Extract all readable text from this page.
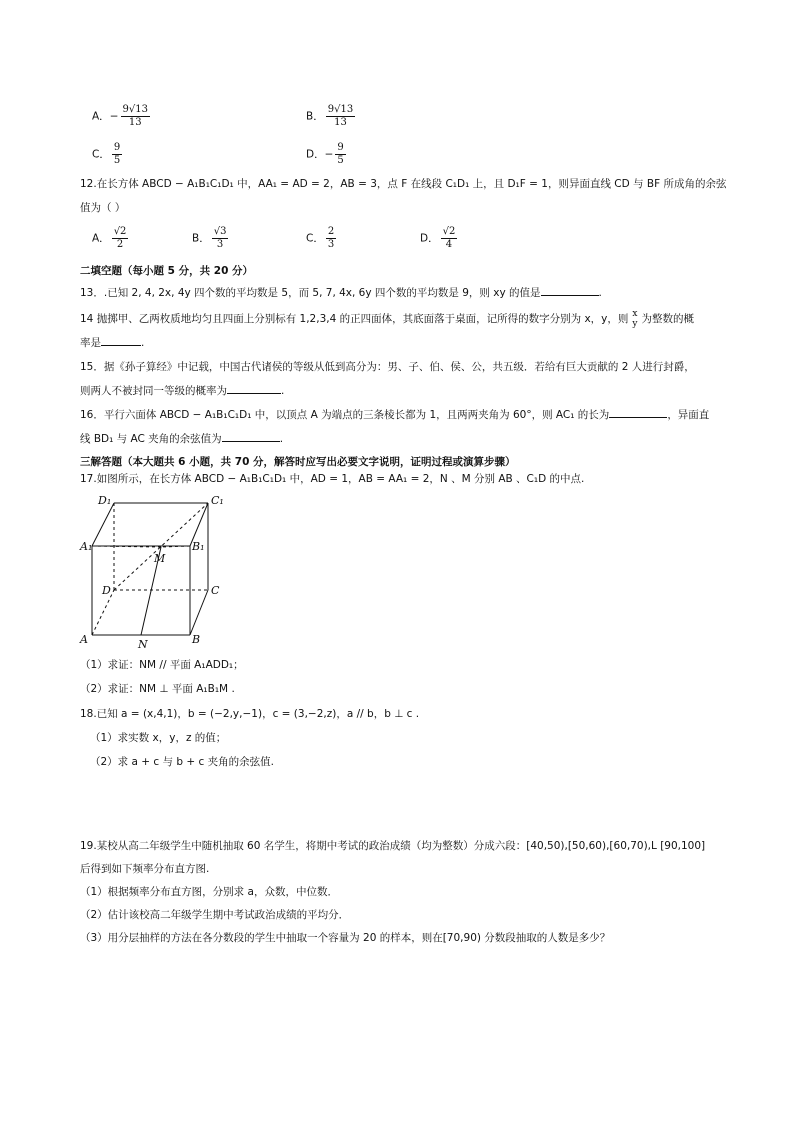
A．− $\frac{9√13}{13}$	B． $\frac{9√13}{13}$
C． $\frac{9}{5}$	D．− $\frac{9}{5}$
12.在长方体 ABCD − A₁B₁C₁D₁ 中，AA₁ = AD = 2，AB = 3，点 F 在线段 C₁D₁ 上，且 D₁F = 1，则异面直线 CD 与 BF 所成角的余弦
值为（ ）
A． $\frac{√2}{2}$	B． $\frac{√3}{3}$	C． $\frac{2}{3}$	D． $\frac{√2}{4}$
二填空题（每小题 5 分，共 20 分）
13．.已知 2, 4, 2x, 4y 四个数的平均数是 5，而 5, 7, 4x, 6y 四个数的平均数是 9，则 xy 的值是	.
14 抛掷甲、乙两枚质地均匀且四面上分别标有 1,2,3,4 的正四面体，其底面落于桌面，记所得的数字分别为 x，y，则 x
y 为整数的概
率是	.
15．据《孙子算经》中记载，中国古代诸侯的等级从低到高分为：男、子、伯、侯、公，共五级．若给有巨大贡献的 2 人进行封爵，
则两人不被封同一等级的概率为	.
16．平行六面体 ABCD − A₁B₁C₁D₁ 中，以顶点 A 为端点的三条棱长都为 1，且两两夹角为 60°，则 AC₁ 的长为	，异面直
线 BD₁ 与 AC 夹角的余弦值为	.
三解答题（本大题共 6 小题，共 70 分，解答时应写出必要文字说明，证明过程或演算步骤）
17.如图所示，在长方体 ABCD − A₁B₁C₁D₁ 中，AD = 1，AB = AA₁ = 2，N 、M 分别 AB 、C₁D 的中点.
D₁	C₁
A₁	B₁
M
D	C
A	B
N
（1）求证：NM // 平面 A₁ADD₁；
（2）求证：NM ⊥ 平面 A₁B₁M .
18.已知 a = (x,4,1)，b = (−2,y,−1)，c = (3,−2,z)，a // b，b ⊥ c .
（1）求实数 x，y，z 的值；
（2）求 a + c 与 b + c 夹角的余弦值.
19.某校从高二年级学生中随机抽取 60 名学生，将期中考试的政治成绩（均为整数）分成六段：[40,50),[50,60),[60,70),L [90,100]
后得到如下频率分布直方图.
（1）根据频率分布直方图，分别求 a，众数，中位数．
（2）估计该校高二年级学生期中考试政治成绩的平均分．
（3）用分层抽样的方法在各分数段的学生中抽取一个容量为 20 的样本，则在[70,90) 分数段抽取的人数是多少？
